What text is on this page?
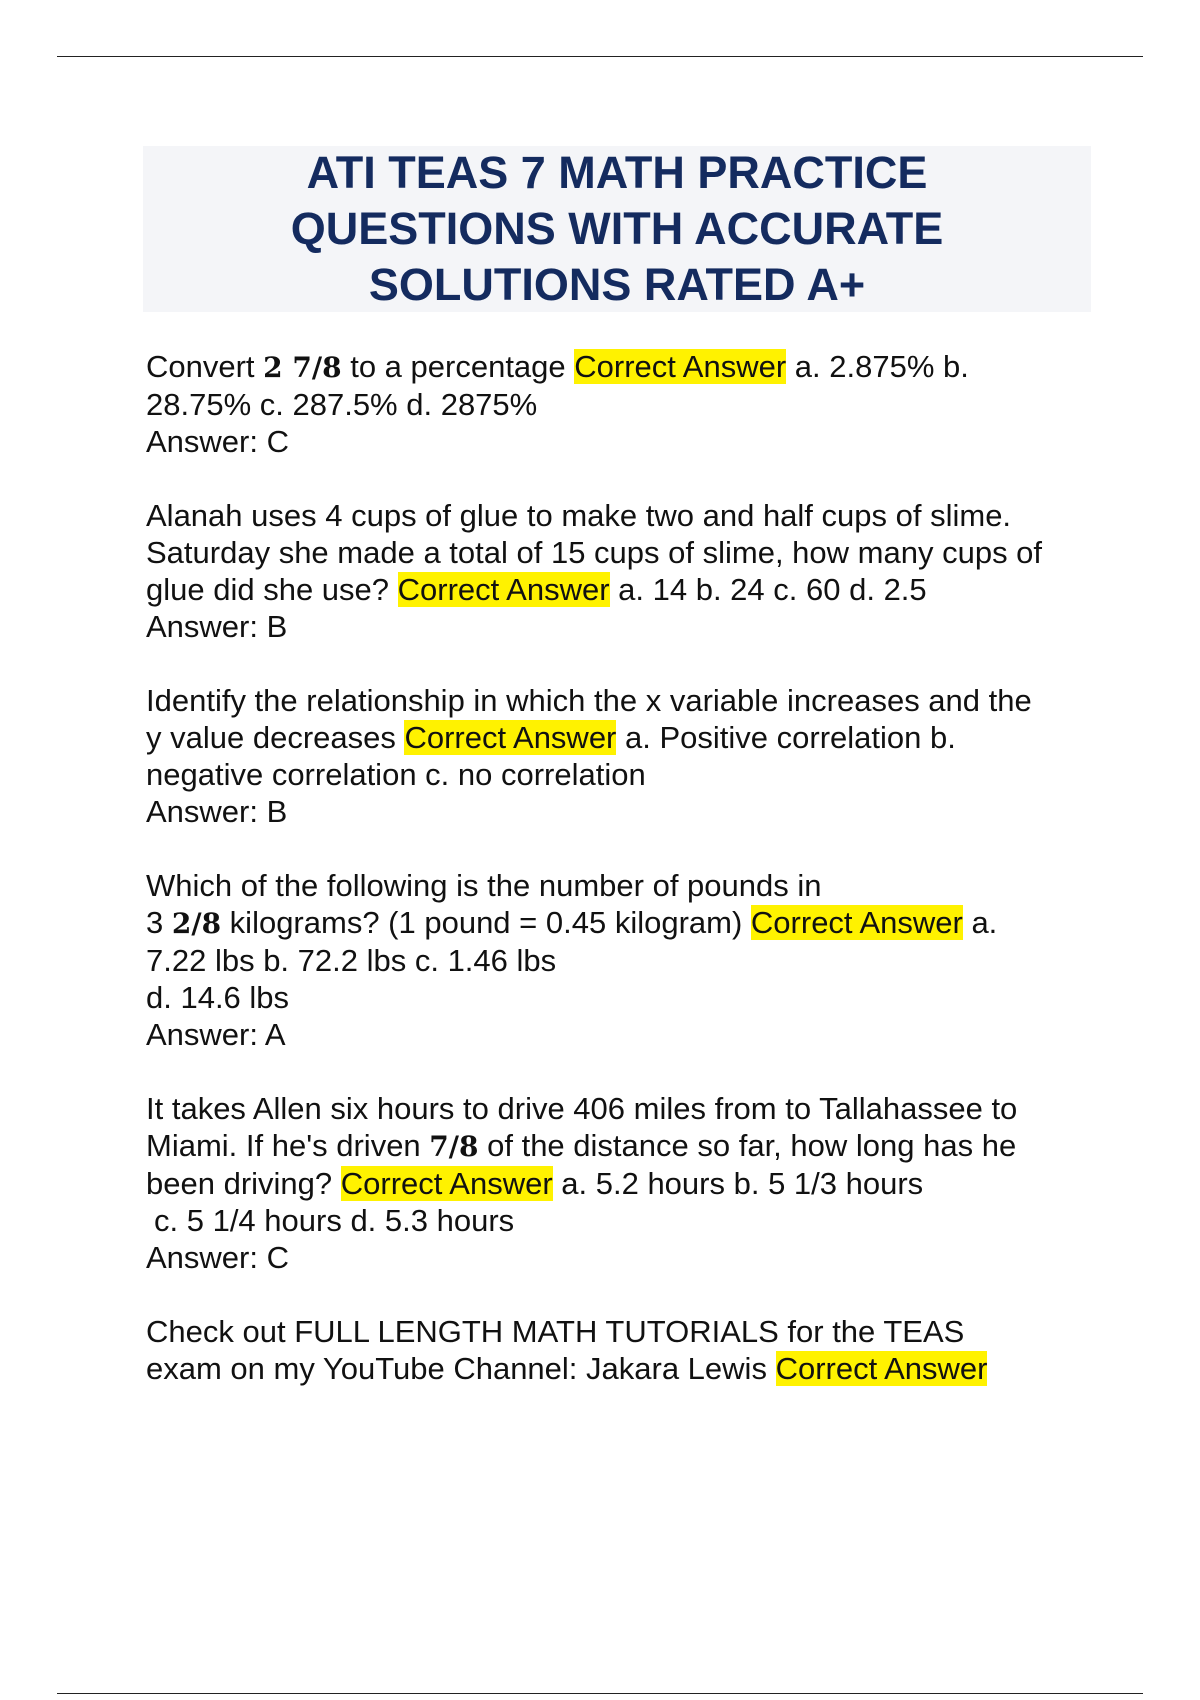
ATI TEAS 7 MATH PRACTICE QUESTIONS WITH ACCURATE SOLUTIONS RATED A+

Convert 2 7/8 to a percentage Correct Answer a. 2.875% b.
28.75% c. 287.5% d. 2875%
Answer: C

Alanah uses 4 cups of glue to make two and half cups of slime.
Saturday she made a total of 15 cups of slime, how many cups of
glue did she use? Correct Answer a. 14 b. 24 c. 60 d. 2.5
Answer: B

Identify the relationship in which the x variable increases and the
y value decreases Correct Answer a. Positive correlation b.
negative correlation c. no correlation
Answer: B

Which of the following is the number of pounds in
3 2/8 kilograms? (1 pound = 0.45 kilogram) Correct Answer a.
7.22 lbs b. 72.2 lbs c. 1.46 lbs
d. 14.6 lbs
Answer: A

It takes Allen six hours to drive 406 miles from to Tallahassee to
Miami. If he's driven 7/8 of the distance so far, how long has he
been driving? Correct Answer a. 5.2 hours b. 5 1/3 hours
c. 5 1/4 hours d. 5.3 hours
Answer: C

Check out FULL LENGTH MATH TUTORIALS for the TEAS
exam on my YouTube Channel: Jakara Lewis Correct Answer
